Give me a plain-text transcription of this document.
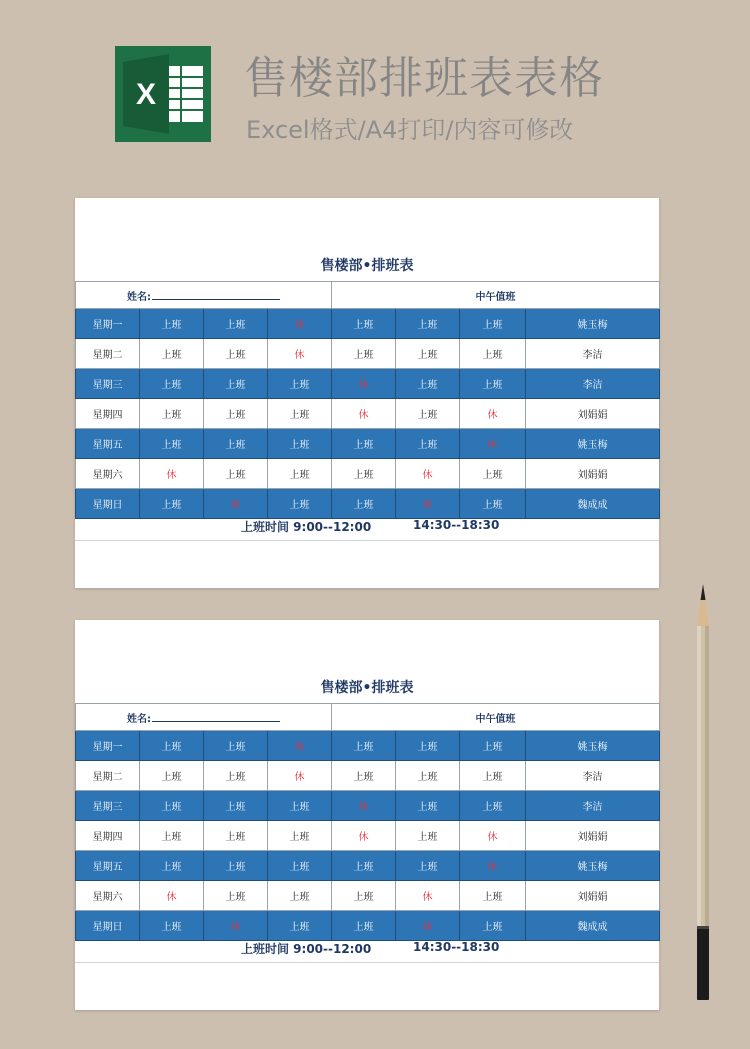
X 售楼部排班表表格
Excel格式/A4打印/内容可修改
售楼部•排班表
姓名:				中午值班			
星期一	上班	上班	休	上班	上班	上班	姚玉梅
星期二	上班	上班	休	上班	上班	上班	李洁
星期三	上班	上班	上班	休	上班	上班	李洁
星期四	上班	上班	上班	休	上班	休	刘娟娟
星期五	上班	上班	上班	上班	上班	休	姚玉梅
星期六	休	上班	上班	上班	休	上班	刘娟娟
星期日	上班	休	上班	上班	休	上班	魏成成
上班时间 9:00--12:00	14:30--18:30
售楼部•排班表
姓名:				中午值班			
星期一	上班	上班	休	上班	上班	上班	姚玉梅
星期二	上班	上班	休	上班	上班	上班	李洁
星期三	上班	上班	上班	休	上班	上班	李洁
星期四	上班	上班	上班	休	上班	休	刘娟娟
星期五	上班	上班	上班	上班	上班	休	姚玉梅
星期六	休	上班	上班	上班	休	上班	刘娟娟
星期日	上班	休	上班	上班	休	上班	魏成成
上班时间 9:00--12:00	14:30--18:30
